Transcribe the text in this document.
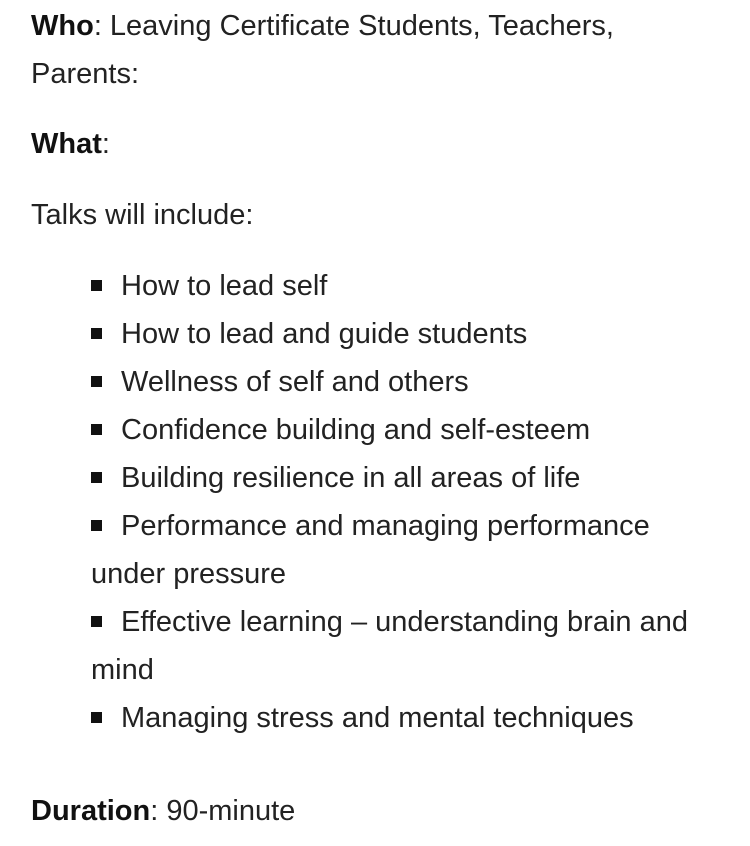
Who: Leaving Certificate Students, Teachers,
Parents:
What:
Talks will include:
How to lead self
How to lead and guide students
Wellness of self and others
Confidence building and self-esteem
Building resilience in all areas of life
Performance and managing performance under pressure
Effective learning – understanding brain and mind
Managing stress and mental techniques
Duration: 90-minute
